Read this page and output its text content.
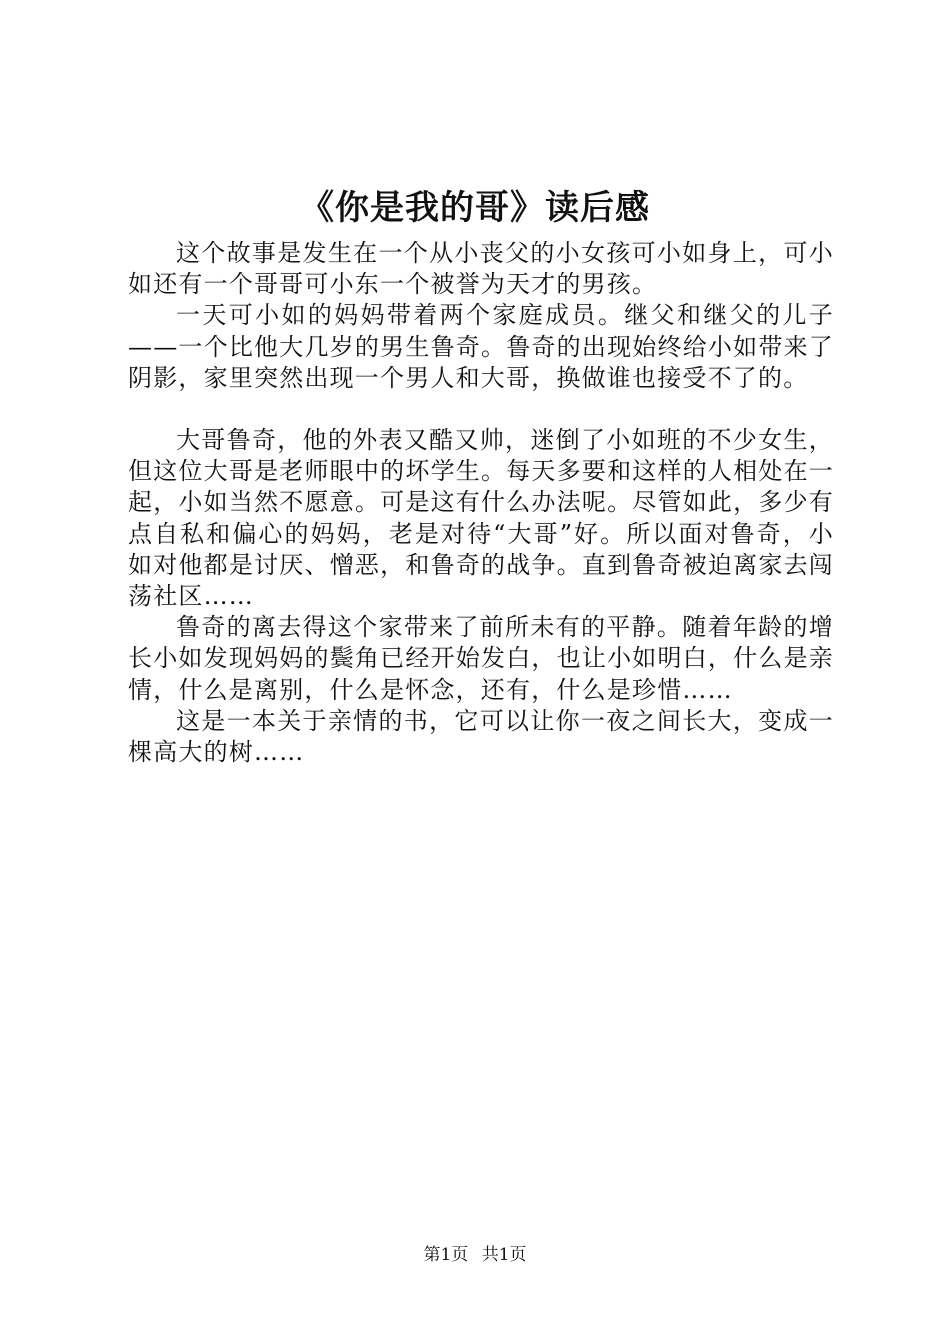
《你是我的哥》读后感

这个故事是发生在一个从小丧父的小女孩可小如身上，可小如还有一个哥哥可小东一个被誉为天才的男孩。

一天可小如的妈妈带着两个家庭成员。继父和继父的儿子——一个比他大几岁的男生鲁奇。鲁奇的出现始终给小如带来了阴影，家里突然出现一个男人和大哥，换做谁也接受不了的。

大哥鲁奇，他的外表又酷又帅，迷倒了小如班的不少女生，但这位大哥是老师眼中的坏学生。每天多要和这样的人相处在一起，小如当然不愿意。可是这有什么办法呢。尽管如此，多少有点自私和偏心的妈妈，老是对待“大哥”好。所以面对鲁奇，小如对他都是讨厌、憎恶，和鲁奇的战争。直到鲁奇被迫离家去闯荡社区……

鲁奇的离去得这个家带来了前所未有的平静。随着年龄的增长小如发现妈妈的鬓角已经开始发白，也让小如明白，什么是亲情，什么是离别，什么是怀念，还有，什么是珍惜……

这是一本关于亲情的书，它可以让你一夜之间长大，变成一棵高大的树……

第1页 共1页
